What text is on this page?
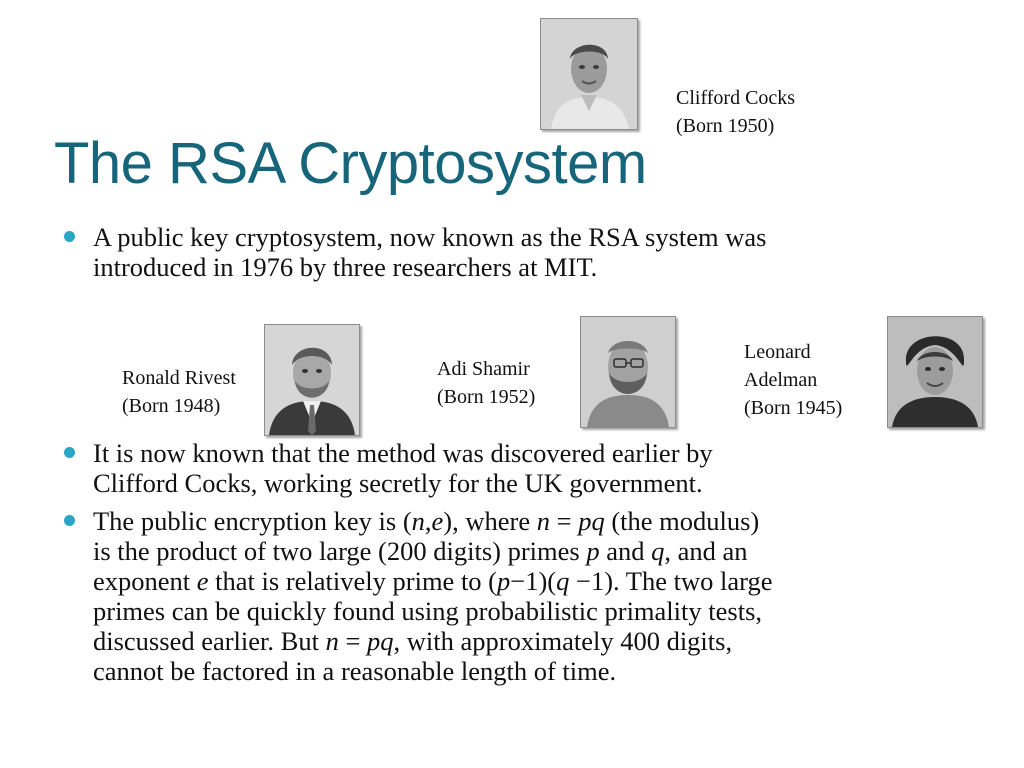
Clifford Cocks
(Born 1950)
The RSA Cryptosystem
A public key cryptosystem, now known as the RSA system was
introduced in 1976 by three researchers at MIT.
Ronald Rivest
(Born 1948)
Adi Shamir
(Born 1952)
Leonard
Adelman
(Born 1945)
It is now known that the method was discovered earlier by
Clifford Cocks, working secretly for the UK government.
The public encryption key is (n,e), where n = pq (the modulus)
is the product of two large (200 digits) primes p and q, and an
exponent e that is relatively prime to (p−1)(q −1). The two large
primes can be quickly found using probabilistic primality tests,
discussed earlier. But n = pq, with approximately 400 digits,
cannot be factored in a reasonable length of time.
